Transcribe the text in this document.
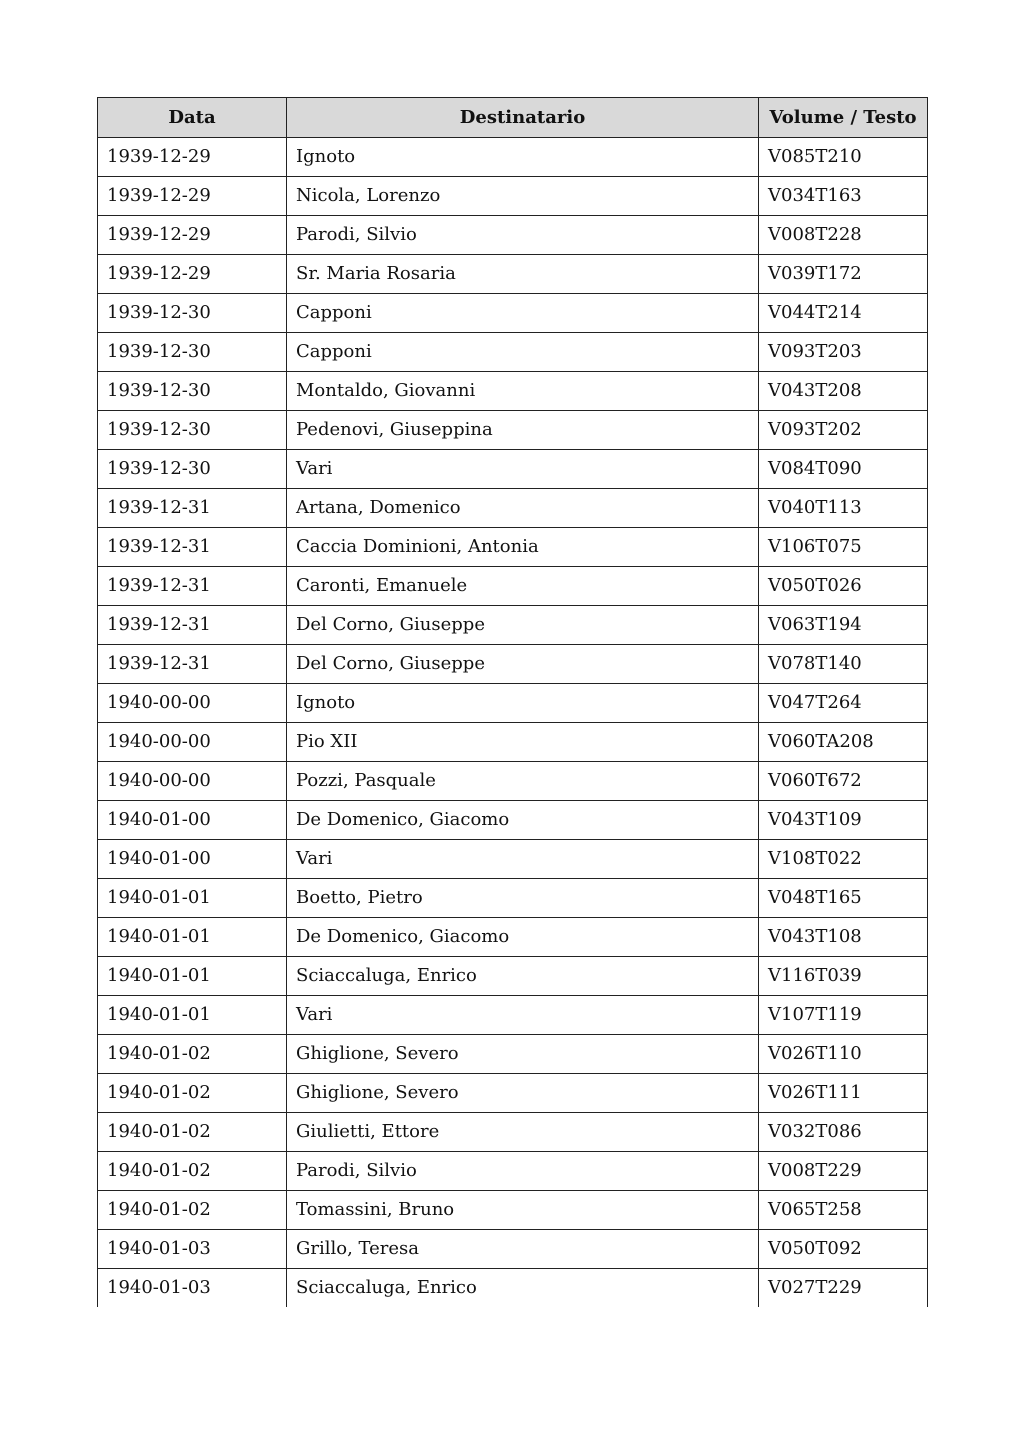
Data	Destinatario	Volume / Testo
1939-12-29	Ignoto	V085T210
1939-12-29	Nicola, Lorenzo	V034T163
1939-12-29	Parodi, Silvio	V008T228
1939-12-29	Sr. Maria Rosaria	V039T172
1939-12-30	Capponi	V044T214
1939-12-30	Capponi	V093T203
1939-12-30	Montaldo, Giovanni	V043T208
1939-12-30	Pedenovi, Giuseppina	V093T202
1939-12-30	Vari	V084T090
1939-12-31	Artana, Domenico	V040T113
1939-12-31	Caccia Dominioni, Antonia	V106T075
1939-12-31	Caronti, Emanuele	V050T026
1939-12-31	Del Corno, Giuseppe	V063T194
1939-12-31	Del Corno, Giuseppe	V078T140
1940-00-00	Ignoto	V047T264
1940-00-00	Pio XII	V060TA208
1940-00-00	Pozzi, Pasquale	V060T672
1940-01-00	De Domenico, Giacomo	V043T109
1940-01-00	Vari	V108T022
1940-01-01	Boetto, Pietro	V048T165
1940-01-01	De Domenico, Giacomo	V043T108
1940-01-01	Sciaccaluga, Enrico	V116T039
1940-01-01	Vari	V107T119
1940-01-02	Ghiglione, Severo	V026T110
1940-01-02	Ghiglione, Severo	V026T111
1940-01-02	Giulietti, Ettore	V032T086
1940-01-02	Parodi, Silvio	V008T229
1940-01-02	Tomassini, Bruno	V065T258
1940-01-03	Grillo, Teresa	V050T092
1940-01-03	Sciaccaluga, Enrico	V027T229
